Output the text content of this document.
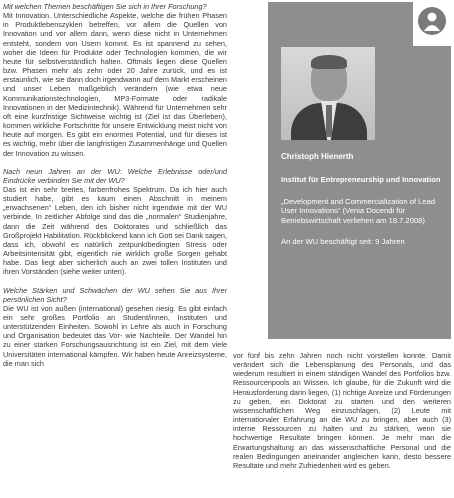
Mit welchen Themen beschäftigen Sie sich in Ihrer Forschung?
Mit Innovation. Unterschiedliche Aspekte, welche die frühen Phasen in Produktlebenszyklen betreffen, vor allem die Quellen von Innovation und vor allem dann, wenn diese nicht in Unternehmen entsteht, sondern von Usern kommt. Es ist spannend zu sehen, woher die Ideen für Produkte oder Technologien kommen, die wir heute für selbstverständlich halten. Oftmals liegen diese Quellen bzw. Phasen mehr als zehn oder 20 Jahre zurück, und es ist erstaunlich, wie sie dann doch irgendwann auf dem Markt erscheinen und unser Leben maßgeblich verändern (wie etwa neue Kommunikationstechnologien, MP3-Formate oder radikale Innovationen in der Medizintechnik). Während für Unternehmen sehr oft eine kurzfristige Sichtweise wichtig ist (Ziel ist das Überleben), kommen wirkliche Fortschritte für unsere Entwicklung meist nicht von heute auf morgen. Es gibt ein enormes Potential, und für dieses ist es wichtig, mehr über die langfristigen Zusammenhänge und Quellen der Innovation zu wissen.

Nach neun Jahren an der WU: Welche Erlebnisse oder/und Eindrücke verbinden Sie mit der WU?
Das ist ein sehr breites, farbenfrohes Spektrum. Da ich hier auch studiert habe, gibt es kaum einen Abschnitt in meinem „erwachsenen“ Leben, den ich bisher nicht irgendwie mit der WU verbinde. In zeitlicher Abfolge sind das die „normalen“ Studienjahre, dann die Zeit während des Doktorates und schließlich das Großprojekt Habilitation. Rückblickend kann ich Gott sei Dank sagen, dass ich, obwohl es natürlich zeitpunktbedingten Stress oder Arbeitsintensität gibt, eigentlich nie wirklich große Sorgen gehabt habe. Das liegt aber sicherlich auch an zwei tollen Instituten und ihren Vorständen (siehe weiter unten).

Welche Stärken und Schwächen der WU sehen Sie aus Ihrer persönlichen Sicht?
Die WU ist von außen (international) gesehen riesig. Es gibt einfach ein sehr großes Portfolio an Student/innen, Instituten und unterstützenden Einheiten. Sowohl in Lehre als auch in Forschung und Organisation bedeutet das Vor- wie Nachteile. Der Wandel hin zu einer starken Forschungsausrichtung ist ein Ziel, mit dem viele Universitäten international kämpfen. Wir haben heute Anreizsysteme, die man sich

Christoph Hienerth
Institut für Entrepreneurship und Innovation
„Development and Commercialization of Lead User Innovations“ (Venia Docendi für Betriebswirtschaft verliehen am 18.7.2008)
An der WU beschäftigt seit: 9 Jahren
vor fünf bis zehn Jahren noch nicht vorstellen konnte. Damit verändert sich die Lebensplanung des Personals, und das wiederum resultiert in einem ständigen Wandel des Portfolios bzw. Ressourcenpools an Wissen. Ich glaube, für die Zukunft wird die Herausforderung darin liegen, (1) richtige Anreize und Förderungen zu geben, ein Doktorat zu starten und den weiteren wissenschaftlichen Weg einzuschlagen, (2) Leute mit internationaler Erfahrung an die WU zu bringen, aber auch (3) interne Ressourcen zu halten und zu stärken, wenn sie hochwertige Resultate bringen können. Je mehr man die Erwartungshaltung an das wissenschaftliche Personal und die realen Bedingungen aneinander angleichen kann, desto bessere Resultate und mehr Zufriedenheit wird es geben.
